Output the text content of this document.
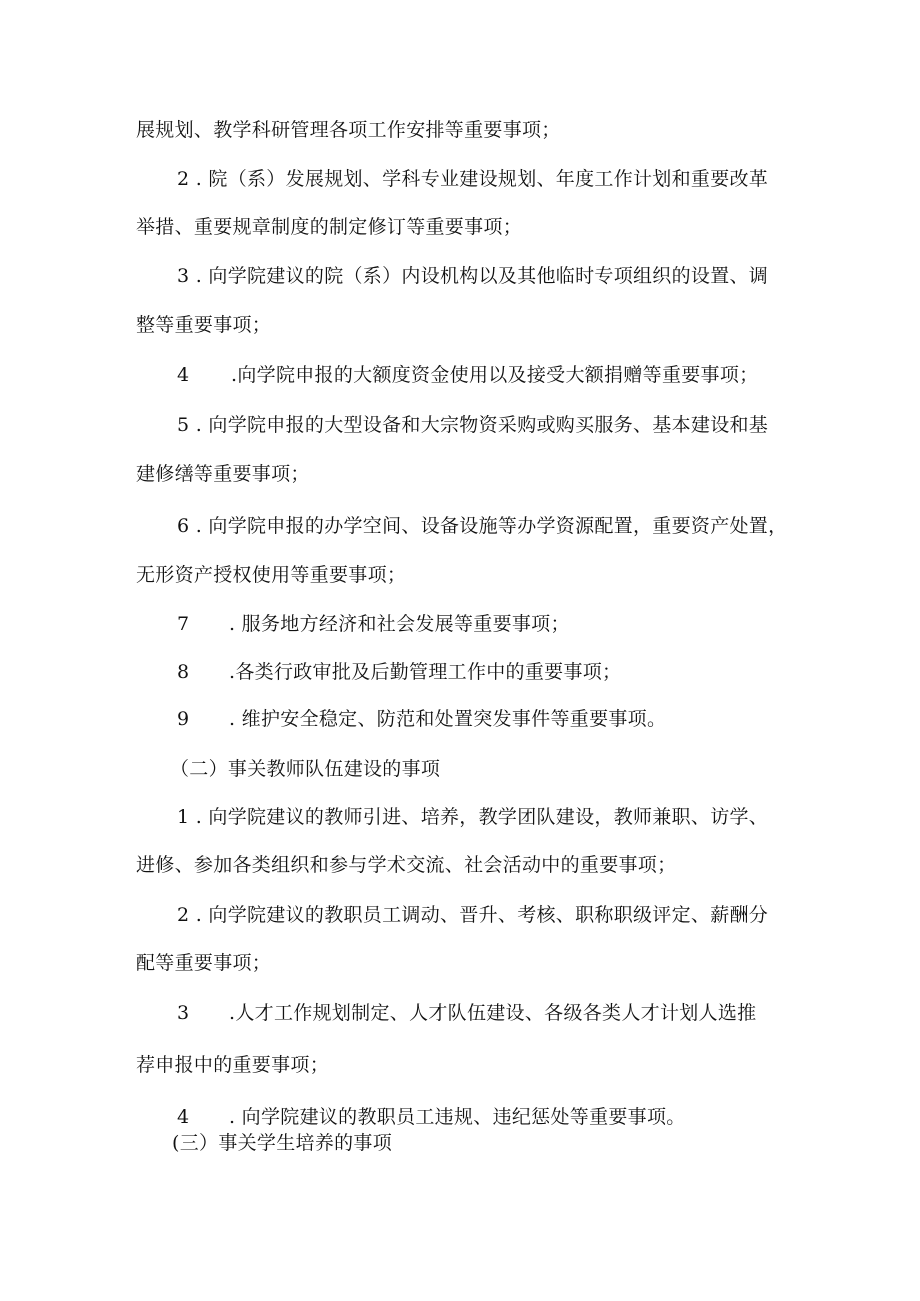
展规划、教学科研管理各项工作安排等重要事项；
2 . 院（系）发展规划、学科专业建设规划、年度工作计划和重要改革
举措、重要规章制度的制定修订等重要事项；
3 . 向学院建议的院（系）内设机构以及其他临时专项组织的设置、调
整等重要事项；
4 .向学院申报的大额度资金使用以及接受大额捐赠等重要事项；
5 . 向学院申报的大型设备和大宗物资采购或购买服务、基本建设和基
建修缮等重要事项；
6 . 向学院申报的办学空间、设备设施等办学资源配置，重要资产处置，
无形资产授权使用等重要事项；
7 . 服务地方经济和社会发展等重要事项；
8 .各类行政审批及后勤管理工作中的重要事项；
9 . 维护安全稳定、防范和处置突发事件等重要事项。
（二）事关教师队伍建设的事项
1 . 向学院建议的教师引进、培养，教学团队建设，教师兼职、访学、
进修、参加各类组织和参与学术交流、社会活动中的重要事项；
2 . 向学院建议的教职员工调动、晋升、考核、职称职级评定、薪酬分
配等重要事项；
3 .人才工作规划制定、人才队伍建设、各级各类人才计划人选推
荐申报中的重要事项；
4 . 向学院建议的教职员工违规、违纪惩处等重要事项。
(三）事关学生培养的事项
